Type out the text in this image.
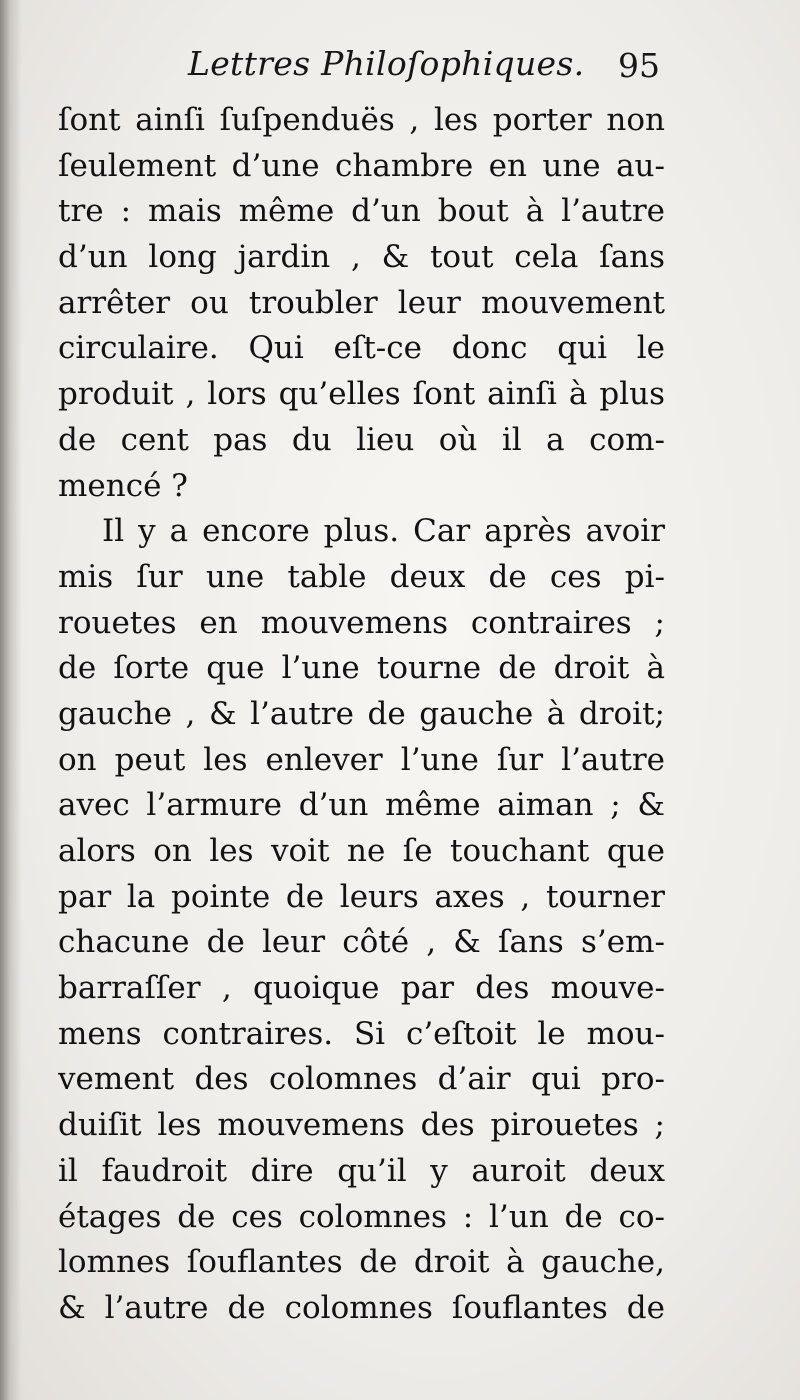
Lettres Philoſophiques. 95
ſont ainſi ſuſpenduës , les porter non
ſeulement d’une chambre en une au-
tre : mais même d’un bout à l’autre
d’un long jardin , & tout cela ſans
arrêter ou troubler leur mouvement
circulaire. Qui eſt-ce donc qui le
produit , lors qu’elles ſont ainſi à plus
de cent pas du lieu où il a com-
mencé ?
Il y a encore plus. Car après avoir
mis ſur une table deux de ces pi-
rouetes en mouvemens contraires ;
de ſorte que l’une tourne de droit à
gauche , & l’autre de gauche à droit;
on peut les enlever l’une ſur l’autre
avec l’armure d’un même aiman ; &
alors on les voit ne ſe touchant que
par la pointe de leurs axes , tourner
chacune de leur côté , & ſans s’em-
barraſſer , quoique par des mouve-
mens contraires. Si c’eſtoit le mou-
vement des colomnes d’air qui pro-
duiſit les mouvemens des pirouetes ;
il faudroit dire qu’il y auroit deux
étages de ces colomnes : l’un de co-
lomnes ſouflantes de droit à gauche,
& l’autre de colomnes ſouflantes de
